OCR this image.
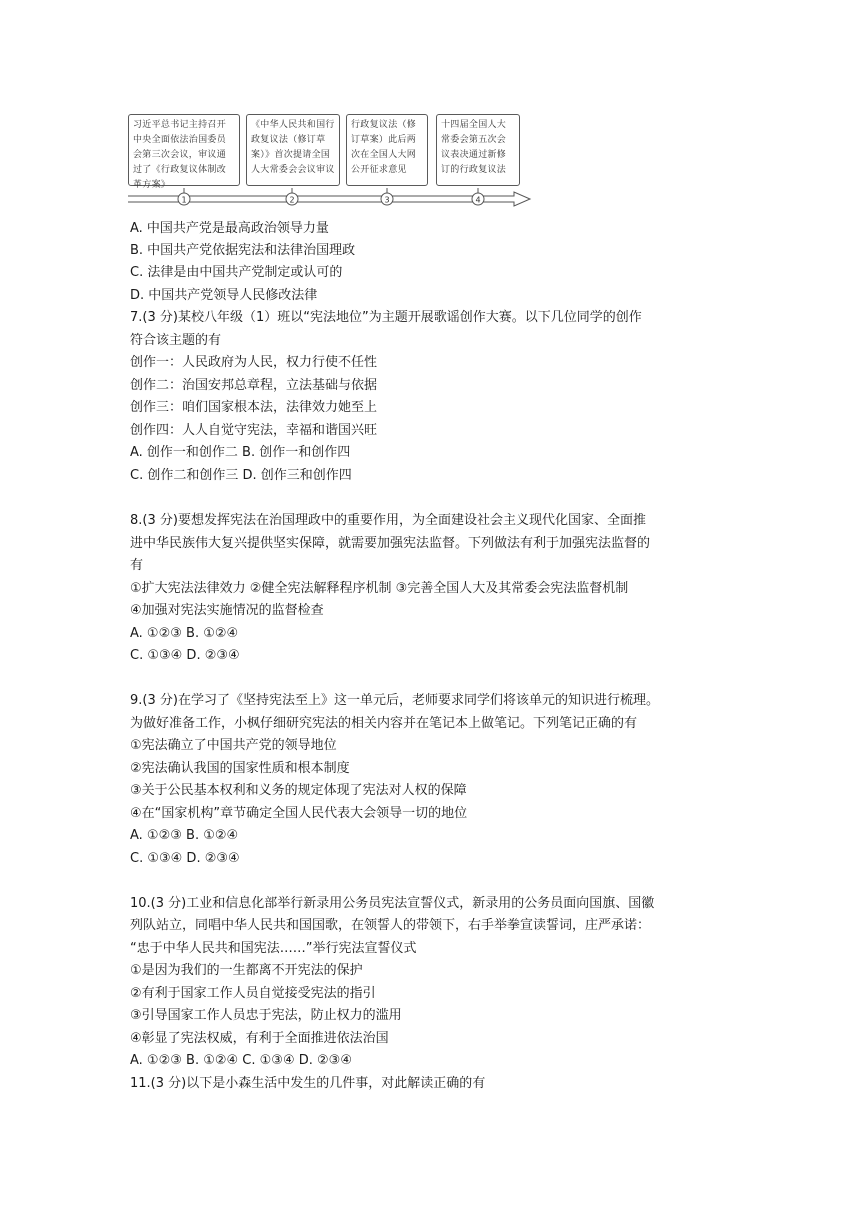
习近平总书记主持召开中央全面依法治国委员会第三次会议，审议通过了《行政复议体制改革方案》
《中华人民共和国行政复议法（修订草案）》首次提请全国人大常委会会议审议
行政复议法（修订草案）此后两次在全国人大网公开征求意见
十四届全国人大常委会第五次会议表决通过新修订的行政复议法
1	2	3	4
A. 中国共产党是最高政治领导力量
B. 中国共产党依据宪法和法律治国理政
C. 法律是由中国共产党制定或认可的
D. 中国共产党领导人民修改法律
7.(3 分)某校八年级（1）班以“宪法地位”为主题开展歌谣创作大赛。以下几位同学的创作
符合该主题的有
创作一：人民政府为人民，权力行使不任性
创作二：治国安邦总章程，立法基础与依据
创作三：咱们国家根本法，法律效力她至上
创作四：人人自觉守宪法，幸福和谐国兴旺
A. 创作一和创作二 B. 创作一和创作四
C. 创作二和创作三 D. 创作三和创作四
8.(3 分)要想发挥宪法在治国理政中的重要作用，为全面建设社会主义现代化国家、全面推
进中华民族伟大复兴提供坚实保障，就需要加强宪法监督。下列做法有利于加强宪法监督的
有
①扩大宪法法律效力 ②健全宪法解释程序机制 ③完善全国人大及其常委会宪法监督机制
④加强对宪法实施情况的监督检查
A. ①②③ B. ①②④
C. ①③④ D. ②③④
9.(3 分)在学习了《坚持宪法至上》这一单元后，老师要求同学们将该单元的知识进行梳理。
为做好准备工作，小枫仔细研究宪法的相关内容并在笔记本上做笔记。下列笔记正确的有
①宪法确立了中国共产党的领导地位
②宪法确认我国的国家性质和根本制度
③关于公民基本权利和义务的规定体现了宪法对人权的保障
④在“国家机构”章节确定全国人民代表大会领导一切的地位
A. ①②③ B. ①②④
C. ①③④ D. ②③④
10.(3 分)工业和信息化部举行新录用公务员宪法宣誓仪式，新录用的公务员面向国旗、国徽
列队站立，同唱中华人民共和国国歌，在领誓人的带领下，右手举拳宣读誓词，庄严承诺：
“忠于中华人民共和国宪法……”举行宪法宣誓仪式
①是因为我们的一生都离不开宪法的保护
②有利于国家工作人员自觉接受宪法的指引
③引导国家工作人员忠于宪法，防止权力的滥用
④彰显了宪法权威，有利于全面推进依法治国
A. ①②③ B. ①②④ C. ①③④ D. ②③④
11.(3 分)以下是小森生活中发生的几件事，对此解读正确的有
